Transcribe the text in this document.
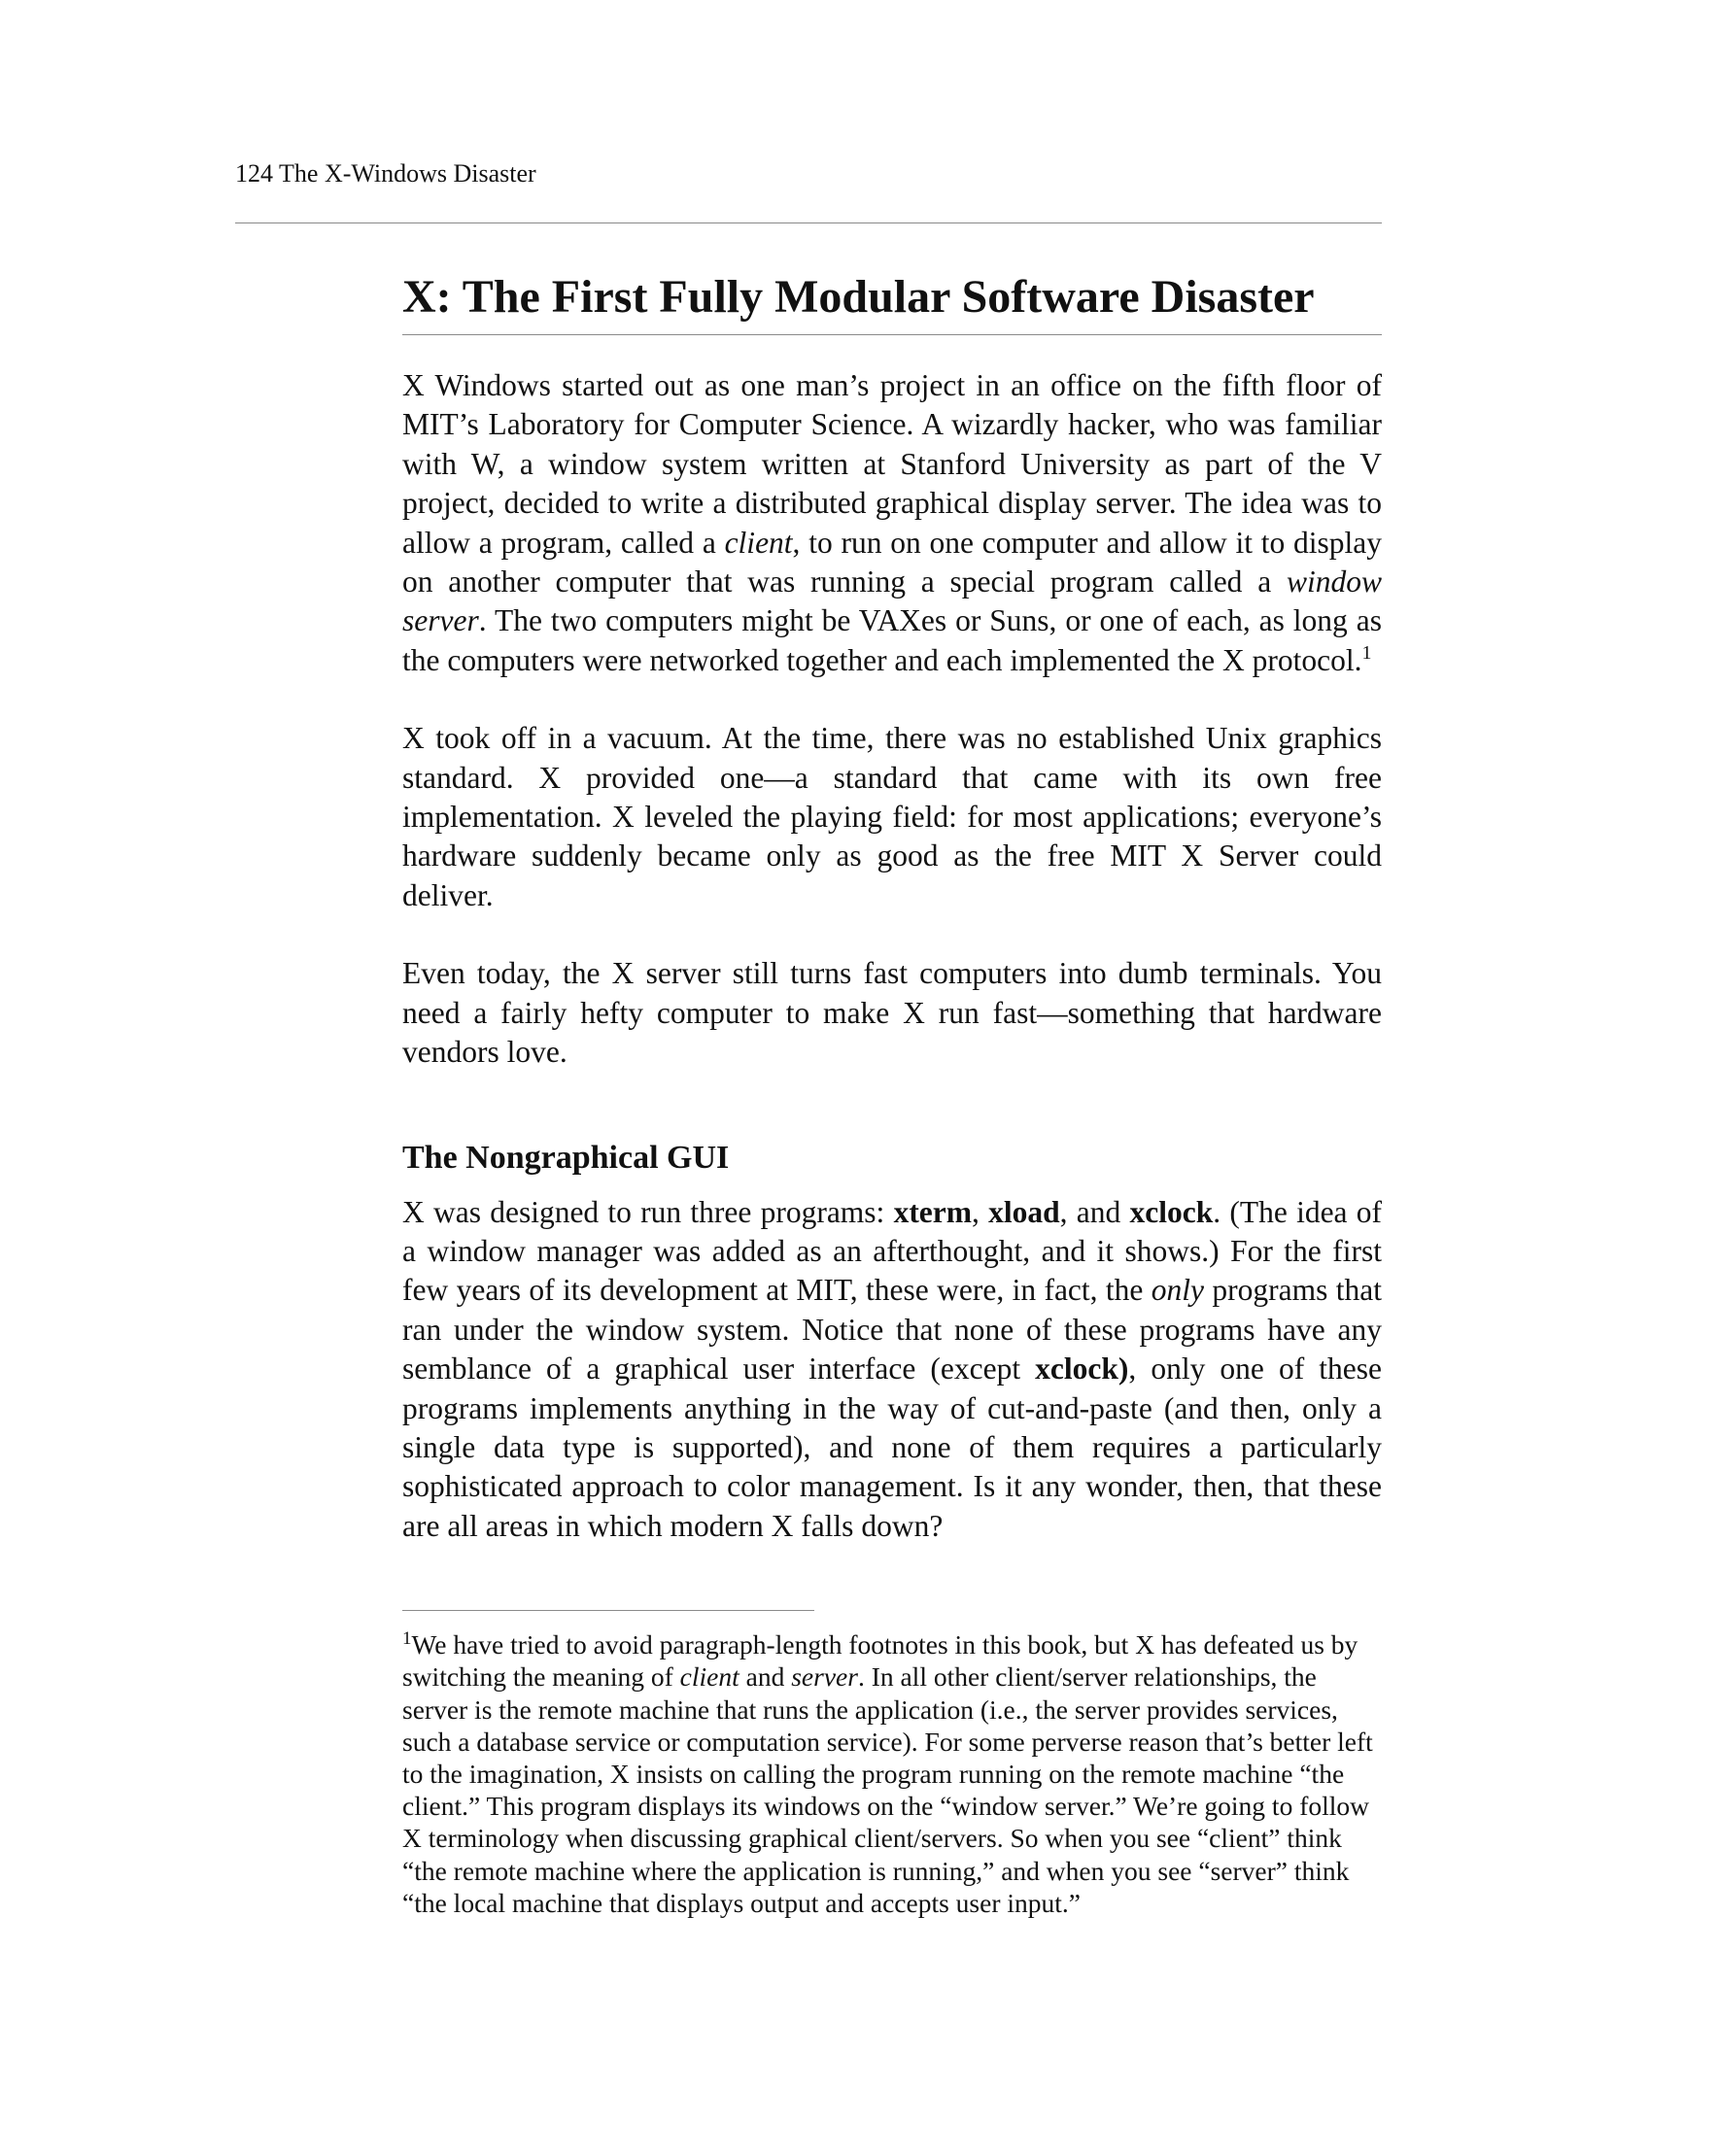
124 The X-Windows Disaster
X: The First Fully Modular Software Disaster

X Windows started out as one man’s project in an office on the fifth floor of MIT’s Laboratory for Computer Science. A wizardly hacker, who was familiar with W, a window system written at Stanford University as part of the V project, decided to write a distributed graphical display server. The idea was to allow a program, called a client, to run on one computer and allow it to display on another computer that was running a special program called a window server. The two computers might be VAXes or Suns, or one of each, as long as the computers were networked together and each implemented the X protocol.$^1$

X took off in a vacuum. At the time, there was no established Unix graphics standard. X provided one—a standard that came with its own free implementation. X leveled the playing field: for most applications; everyone’s hardware suddenly became only as good as the free MIT X Server could deliver.

Even today, the X server still turns fast computers into dumb terminals. You need a fairly hefty computer to make X run fast—something that hardware vendors love.

The Nongraphical GUI

X was designed to run three programs: xterm, xload, and xclock. (The idea of a window manager was added as an afterthought, and it shows.) For the first few years of its development at MIT, these were, in fact, the only programs that ran under the window system. Notice that none of these programs have any semblance of a graphical user interface (except xclock), only one of these programs implements anything in the way of cut-and-paste (and then, only a single data type is supported), and none of them requires a particularly sophisticated approach to color management. Is it any wonder, then, that these are all areas in which modern X falls down?

$^1$We have tried to avoid paragraph-length footnotes in this book, but X has defeated us by switching the meaning of client and server. In all other client/server relationships, the server is the remote machine that runs the application (i.e., the server provides services, such a database service or computation service). For some perverse reason that’s better left to the imagination, X insists on calling the program running on the remote machine “the client.” This program displays its windows on the “window server.” We’re going to follow X terminology when discussing graphical client/servers. So when you see “client” think “the remote machine where the application is running,” and when you see “server” think “the local machine that displays output and accepts user input.”
